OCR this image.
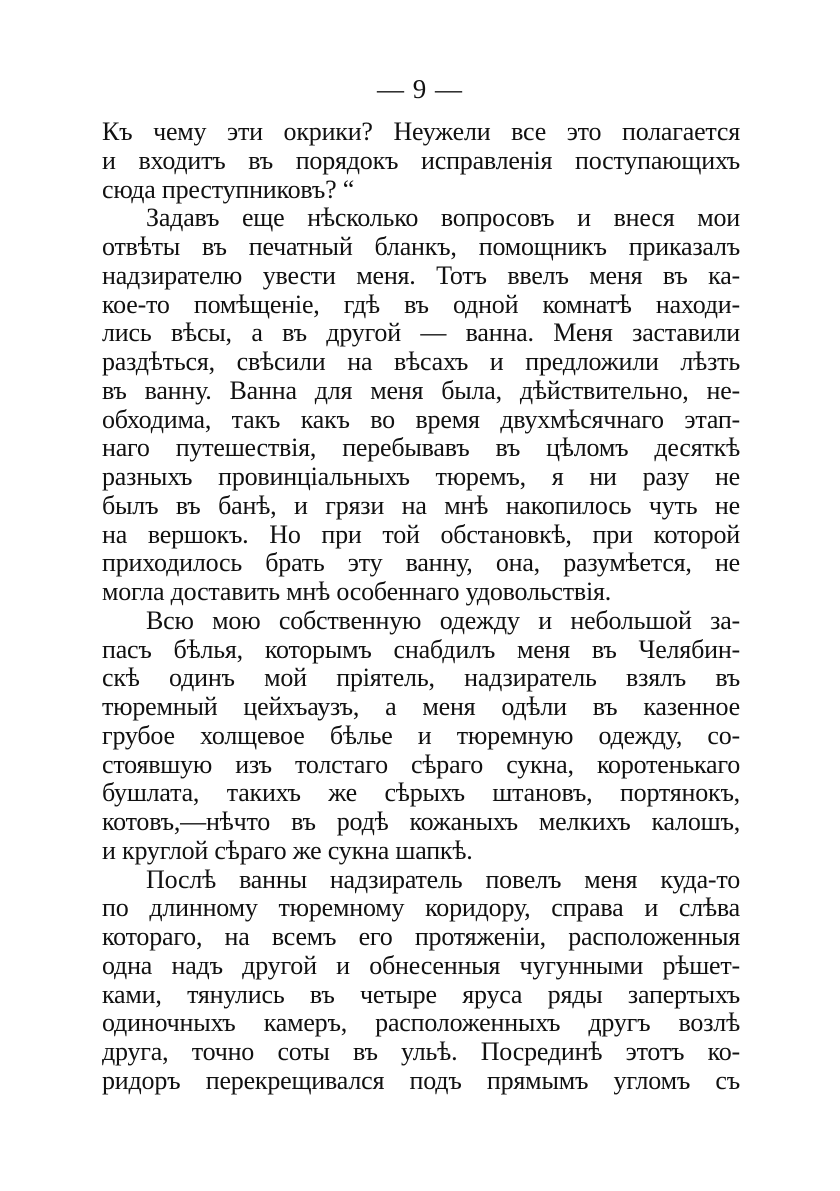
— 9 —
Къ чему эти окрики? Неужели все это полагается
и входитъ въ порядокъ исправленія поступающихъ
сюда преступниковъ? “
Задавъ еще нѣсколько вопросовъ и внеся мои
отвѣты въ печатный бланкъ, помощникъ приказалъ
надзирателю увести меня. Тотъ ввелъ меня въ ка-
кое-то помѣщеніе, гдѣ въ одной комнатѣ находи-
лись вѣсы, а въ другой — ванна. Меня заставили
раздѣться, свѣсили на вѣсахъ и предложили лѣзть
въ ванну. Ванна для меня была, дѣйствительно, не-
обходима, такъ какъ во время двухмѣсячнаго этап-
наго путешествія, перебывавъ въ цѣломъ десяткѣ
разныхъ провинціальныхъ тюремъ, я ни разу не
былъ въ банѣ, и грязи на мнѣ накопилось чуть не
на вершокъ. Но при той обстановкѣ, при которой
приходилось брать эту ванну, она, разумѣется, не
могла доставить мнѣ особеннаго удовольствія.
Всю мою собственную одежду и небольшой за-
пасъ бѣлья, которымъ снабдилъ меня въ Челябин-
скѣ одинъ мой пріятель, надзиратель взялъ въ
тюремный цейхъаузъ, а меня одѣли въ казенное
грубое холщевое бѣлье и тюремную одежду, со-
стоявшую изъ толстаго сѣраго сукна, коротенькаго
бушлата, такихъ же сѣрыхъ штановъ, портянокъ,
котовъ,—нѣчто въ родѣ кожаныхъ мелкихъ калошъ,
и круглой сѣраго же сукна шапкѣ.
Послѣ ванны надзиратель повелъ меня куда-то
по длинному тюремному коридору, справа и слѣва
котораго, на всемъ его протяженіи, расположенныя
одна надъ другой и обнесенныя чугунными рѣшет-
ками, тянулись въ четыре яруса ряды запертыхъ
одиночныхъ камеръ, расположенныхъ другъ возлѣ
друга, точно соты въ ульѣ. Посрединѣ этотъ ко-
ридоръ перекрещивался подъ прямымъ угломъ съ
